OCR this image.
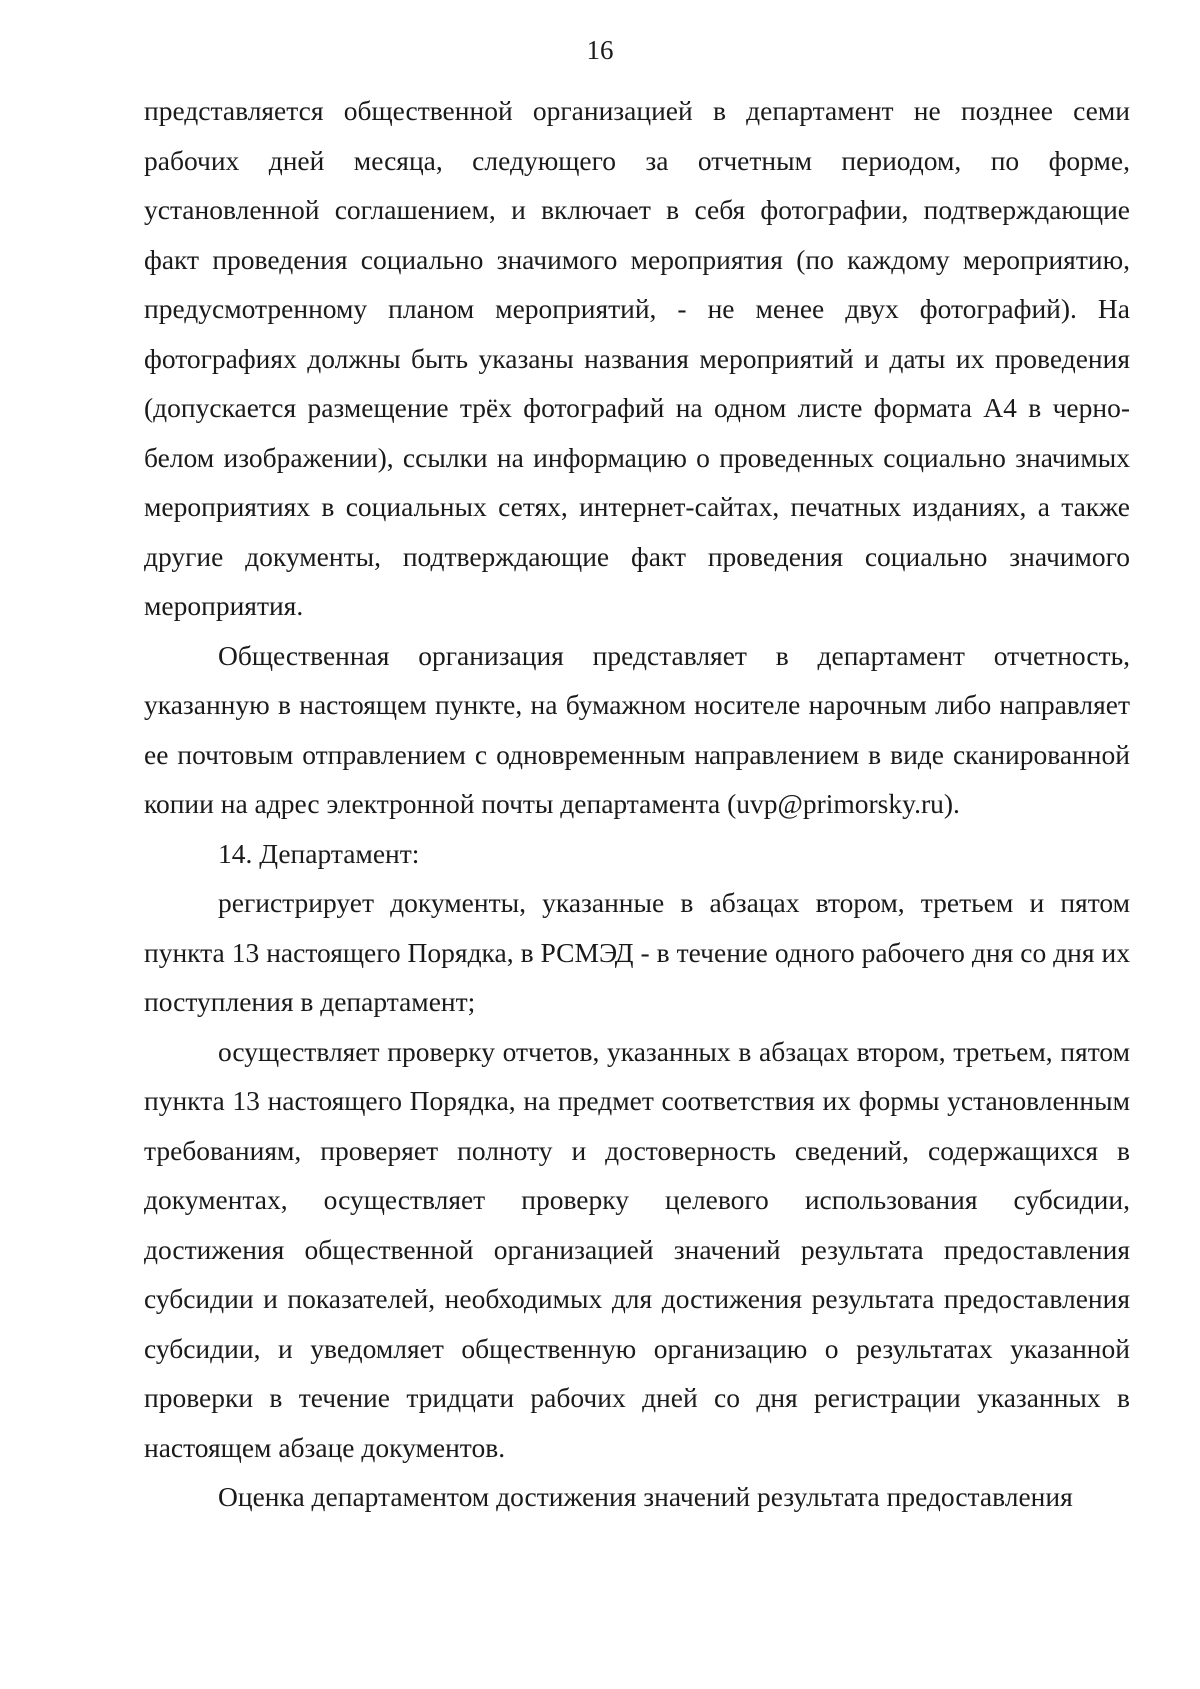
16

представляется общественной организацией в департамент не позднее семи рабочих дней месяца, следующего за отчетным периодом, по форме, установленной соглашением, и включает в себя фотографии, подтверждающие факт проведения социально значимого мероприятия (по каждому мероприятию, предусмотренному планом мероприятий, - не менее двух фотографий). На фотографиях должны быть указаны названия мероприятий и даты их проведения (допускается размещение трёх фотографий на одном листе формата А4 в черно-белом изображении), ссылки на информацию о проведенных социально значимых мероприятиях в социальных сетях, интернет-сайтах, печатных изданиях, а также другие документы, подтверждающие факт проведения социально значимого мероприятия.

Общественная организация представляет в департамент отчетность, указанную в настоящем пункте, на бумажном носителе нарочным либо направляет ее почтовым отправлением с одновременным направлением в виде сканированной копии на адрес электронной почты департамента (uvp@primorsky.ru).

14. Департамент:

регистрирует документы, указанные в абзацах втором, третьем и пятом пункта 13 настоящего Порядка, в РСМЭД - в течение одного рабочего дня со дня их поступления в департамент;

осуществляет проверку отчетов, указанных в абзацах втором, третьем, пятом пункта 13 настоящего Порядка, на предмет соответствия их формы установленным требованиям, проверяет полноту и достоверность сведений, содержащихся в документах, осуществляет проверку целевого использования субсидии, достижения общественной организацией значений результата предоставления субсидии и показателей, необходимых для достижения результата предоставления субсидии, и уведомляет общественную организацию о результатах указанной проверки в течение тридцати рабочих дней со дня регистрации указанных в настоящем абзаце документов.

Оценка департаментом достижения значений результата предоставления
